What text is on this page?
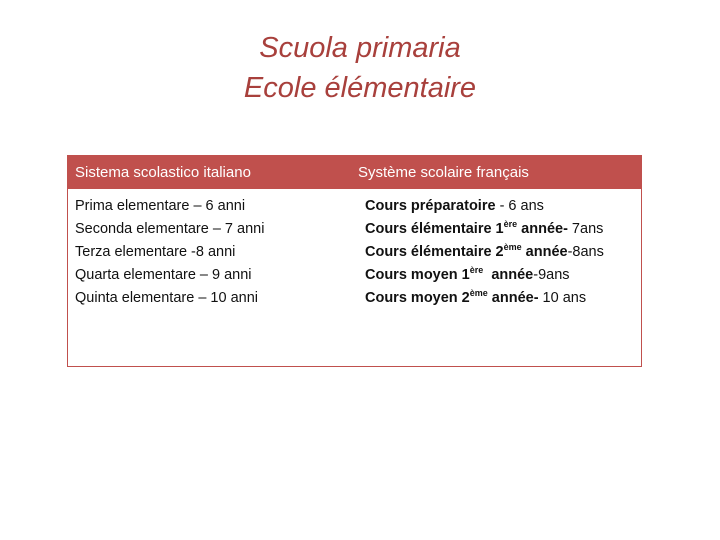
Scuola primaria
Ecole élémentaire
Sistema scolastico italiano	Système scolaire français
Prima elementare – 6 anni
Seconda elementare – 7 anni
Terza elementare -8 anni
Quarta elementare – 9 anni
Quinta elementare – 10 anni
Cours préparatoire - 6 ans
Cours élémentaire 1ère année- 7ans
Cours élémentaire 2ème année-8ans
Cours moyen 1ère  année-9ans
Cours moyen 2ème année- 10 ans
